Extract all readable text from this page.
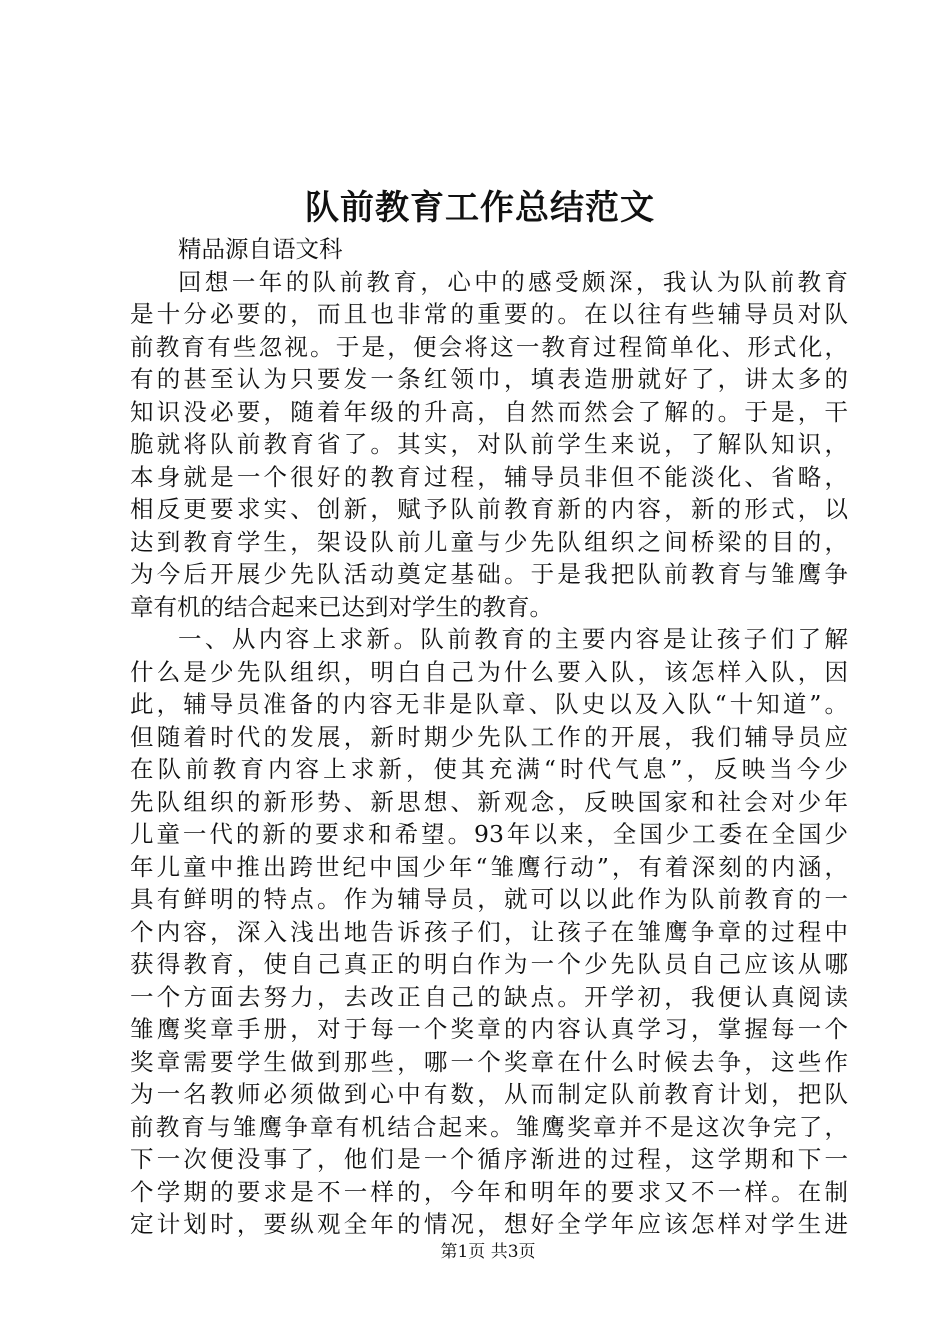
队前教育工作总结范文
精品源自语文科
回想一年的队前教育，心中的感受颇深，我认为队前教育
是十分必要的，而且也非常的重要的。在以往有些辅导员对队
前教育有些忽视。于是，便会将这一教育过程简单化、形式化，
有的甚至认为只要发一条红领巾，填表造册就好了，讲太多的
知识没必要，随着年级的升高，自然而然会了解的。于是，干
脆就将队前教育省了。其实，对队前学生来说，了解队知识，
本身就是一个很好的教育过程，辅导员非但不能淡化、省略，
相反更要求实、创新，赋予队前教育新的内容，新的形式，以
达到教育学生，架设队前儿童与少先队组织之间桥梁的目的，
为今后开展少先队活动奠定基础。于是我把队前教育与雏鹰争
章有机的结合起来已达到对学生的教育。
一、从内容上求新。队前教育的主要内容是让孩子们了解
什么是少先队组织，明白自己为什么要入队，该怎样入队，因
此，辅导员准备的内容无非是队章、队史以及入队“十知道”。
但随着时代的发展，新时期少先队工作的开展，我们辅导员应
在队前教育内容上求新，使其充满“时代气息”，反映当今少
先队组织的新形势、新思想、新观念，反映国家和社会对少年
儿童一代的新的要求和希望。93年以来，全国少工委在全国少
年儿童中推出跨世纪中国少年“雏鹰行动”，有着深刻的内涵，
具有鲜明的特点。作为辅导员，就可以以此作为队前教育的一
个内容，深入浅出地告诉孩子们，让孩子在雏鹰争章的过程中
获得教育，使自己真正的明白作为一个少先队员自己应该从哪
一个方面去努力，去改正自己的缺点。开学初，我便认真阅读
雏鹰奖章手册，对于每一个奖章的内容认真学习，掌握每一个
奖章需要学生做到那些，哪一个奖章在什么时候去争，这些作
为一名教师必须做到心中有数，从而制定队前教育计划，把队
前教育与雏鹰争章有机结合起来。雏鹰奖章并不是这次争完了，
下一次便没事了，他们是一个循序渐进的过程，这学期和下一
个学期的要求是不一样的，今年和明年的要求又不一样。在制
定计划时，要纵观全年的情况，想好全学年应该怎样对学生进
第1页 共3页
